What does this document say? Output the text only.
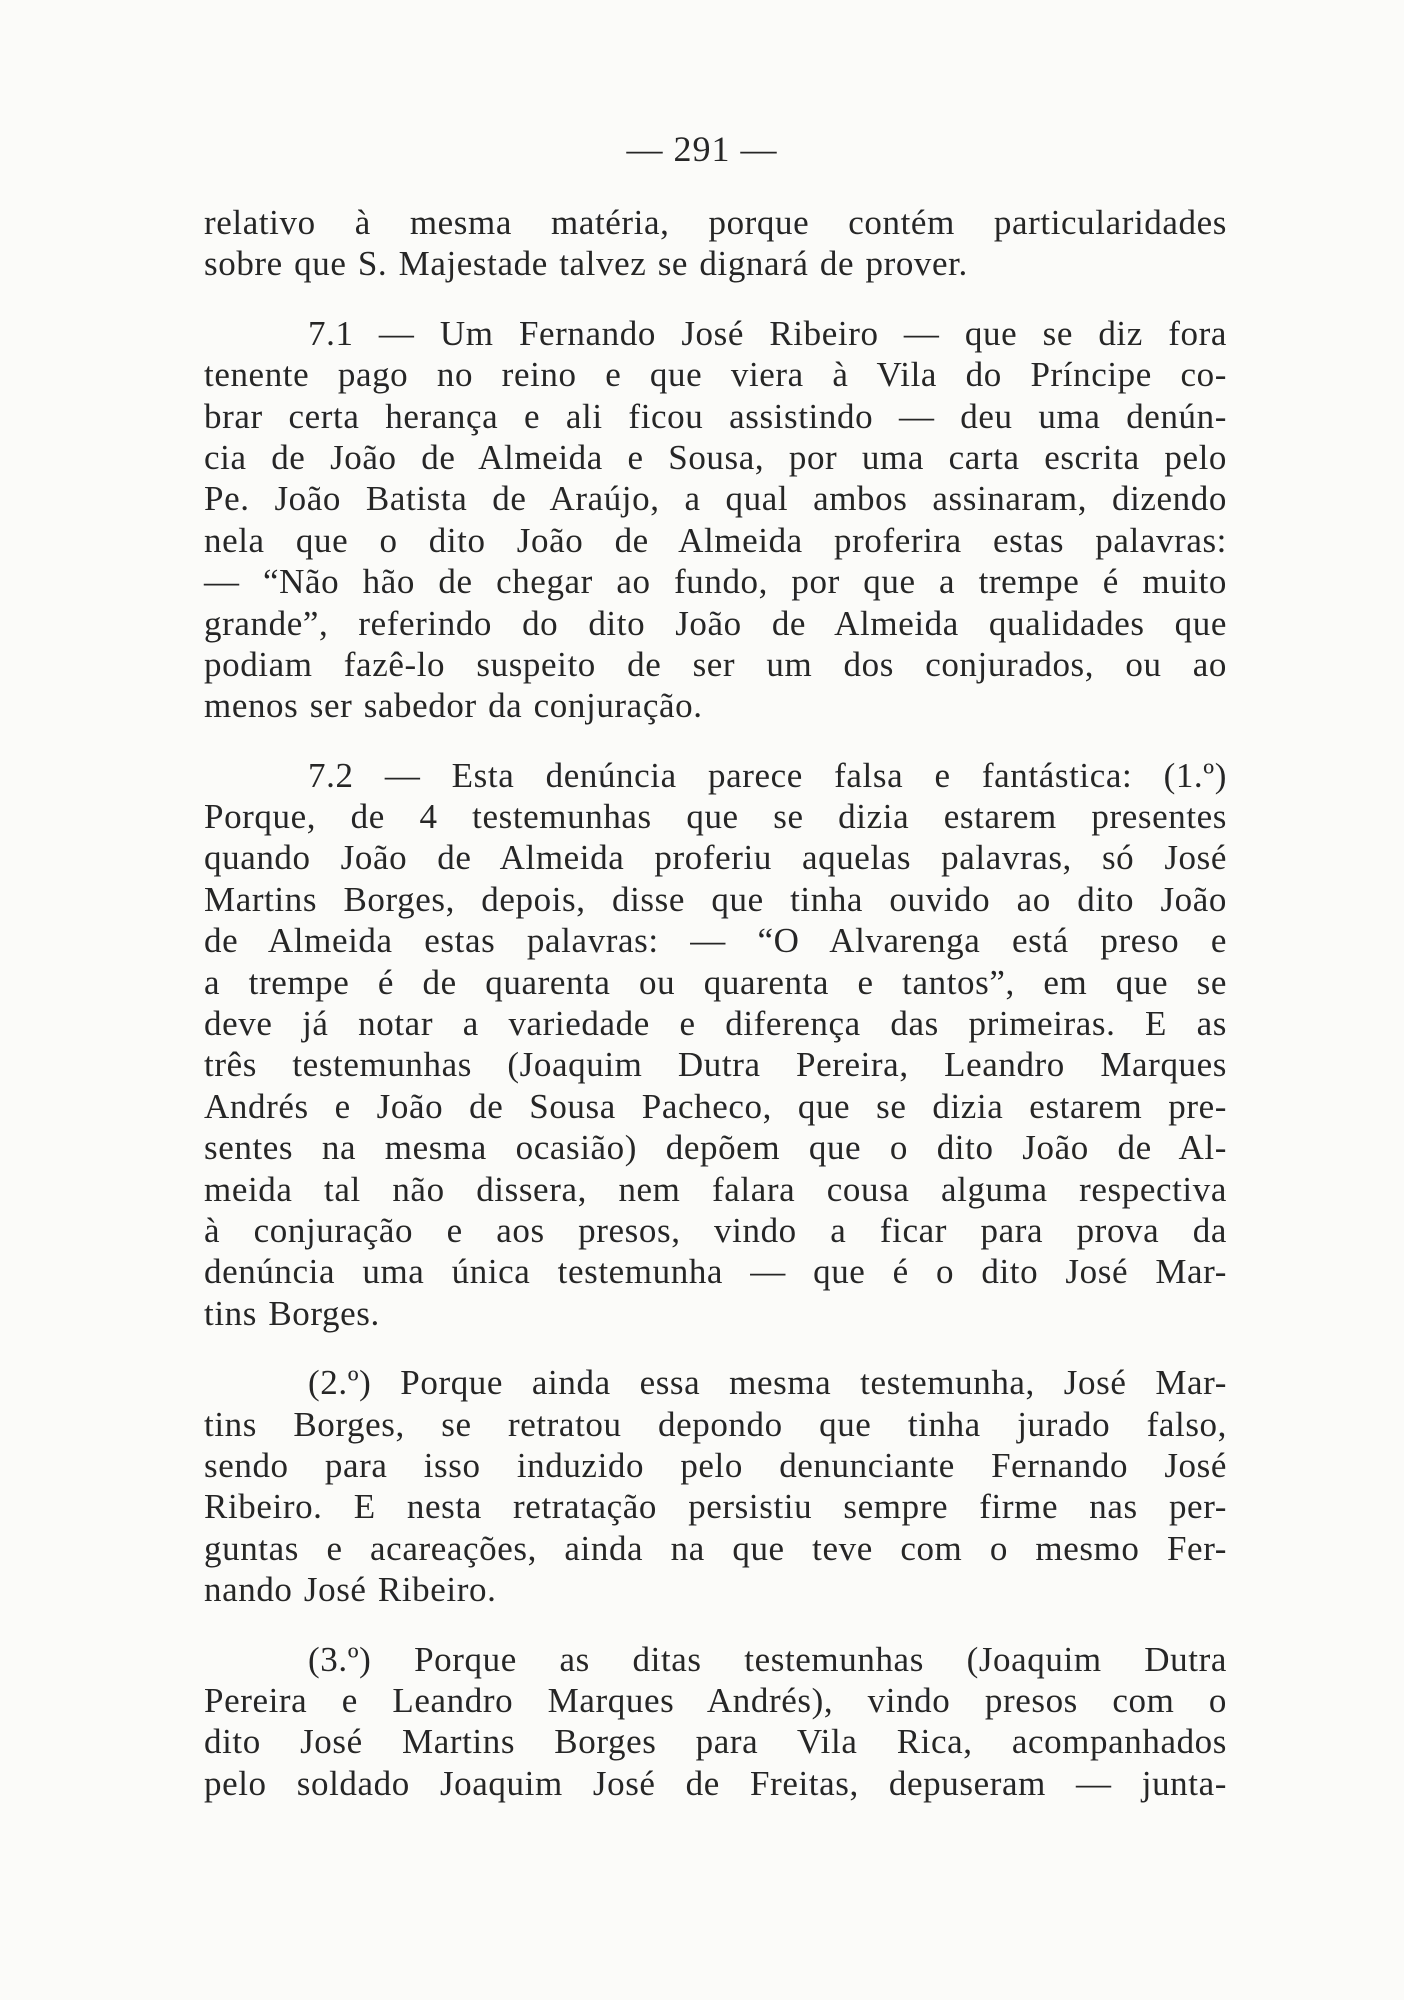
— 291 —
relativo à mesma matéria, porque contém particularidades
sobre que S. Majestade talvez se dignará de prover.
7.1 — Um Fernando José Ribeiro — que se diz fora
tenente pago no reino e que viera à Vila do Príncipe co-
brar certa herança e ali ficou assistindo — deu uma denún-
cia de João de Almeida e Sousa, por uma carta escrita pelo
Pe. João Batista de Araújo, a qual ambos assinaram, dizendo
nela que o dito João de Almeida proferira estas palavras:
— “Não hão de chegar ao fundo, por que a trempe é muito
grande”, referindo do dito João de Almeida qualidades que
podiam fazê-lo suspeito de ser um dos conjurados, ou ao
menos ser sabedor da conjuração.
7.2 — Esta denúncia parece falsa e fantástica: (1.º)
Porque, de 4 testemunhas que se dizia estarem presentes
quando João de Almeida proferiu aquelas palavras, só José
Martins Borges, depois, disse que tinha ouvido ao dito João
de Almeida estas palavras: — “O Alvarenga está preso e
a trempe é de quarenta ou quarenta e tantos”, em que se
deve já notar a variedade e diferença das primeiras. E as
três testemunhas (Joaquim Dutra Pereira, Leandro Marques
Andrés e João de Sousa Pacheco, que se dizia estarem pre-
sentes na mesma ocasião) depõem que o dito João de Al-
meida tal não dissera, nem falara cousa alguma respectiva
à conjuração e aos presos, vindo a ficar para prova da
denúncia uma única testemunha — que é o dito José Mar-
tins Borges.
(2.º) Porque ainda essa mesma testemunha, José Mar-
tins Borges, se retratou depondo que tinha jurado falso,
sendo para isso induzido pelo denunciante Fernando José
Ribeiro. E nesta retratação persistiu sempre firme nas per-
guntas e acareações, ainda na que teve com o mesmo Fer-
nando José Ribeiro.
(3.º) Porque as ditas testemunhas (Joaquim Dutra
Pereira e Leandro Marques Andrés), vindo presos com o
dito José Martins Borges para Vila Rica, acompanhados
pelo soldado Joaquim José de Freitas, depuseram — junta-
